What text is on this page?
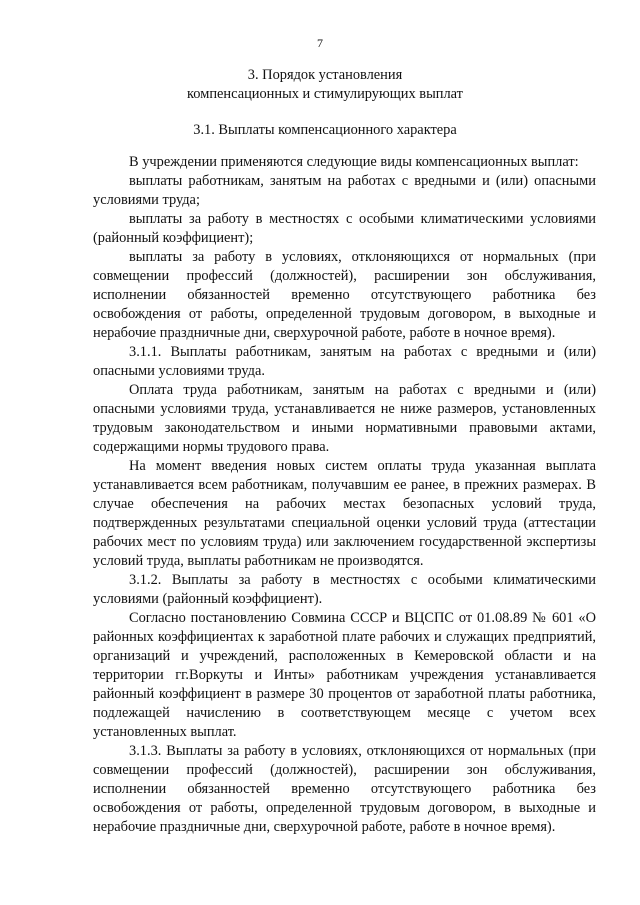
7
3. Порядок установления
компенсационных и стимулирующих выплат
3.1. Выплаты компенсационного характера

В учреждении применяются следующие виды компенсационных выплат:

выплаты работникам, занятым на работах с вредными и (или) опасными условиями труда;

выплаты за работу в местностях с особыми климатическими условиями (районный коэффициент);

выплаты за работу в условиях, отклоняющихся от нормальных (при совмещении профессий (должностей), расширении зон обслуживания, исполнении обязанностей временно отсутствующего работника без освобождения от работы, определенной трудовым договором, в выходные и нерабочие праздничные дни, сверхурочной работе, работе в ночное время).

3.1.1. Выплаты работникам, занятым на работах с вредными и (или) опасными условиями труда.

Оплата труда работникам, занятым на работах с вредными и (или) опасными условиями труда, устанавливается не ниже размеров, установленных трудовым законодательством и иными нормативными правовыми актами, содержащими нормы трудового права.

На момент введения новых систем оплаты труда указанная выплата устанавливается всем работникам, получавшим ее ранее, в прежних размерах. В случае обеспечения на рабочих местах безопасных условий труда, подтвержденных результатами специальной оценки условий труда (аттестации рабочих мест по условиям труда) или заключением государственной экспертизы условий труда, выплаты работникам не производятся.

3.1.2. Выплаты за работу в местностях с особыми климатическими условиями (районный коэффициент).

Согласно постановлению Совмина СССР и ВЦСПС от 01.08.89 № 601 «О районных коэффициентах к заработной плате рабочих и служащих предприятий, организаций и учреждений, расположенных в Кемеровской области и на территории гг.Воркуты и Инты» работникам учреждения устанавливается районный коэффициент в размере 30 процентов от заработной платы работника, подлежащей начислению в соответствующем месяце с учетом всех установленных выплат.

3.1.3. Выплаты за работу в условиях, отклоняющихся от нормальных (при совмещении профессий (должностей), расширении зон обслуживания, исполнении обязанностей временно отсутствующего работника без освобождения от работы, определенной трудовым договором, в выходные и нерабочие праздничные дни, сверхурочной работе, работе в ночное время).
